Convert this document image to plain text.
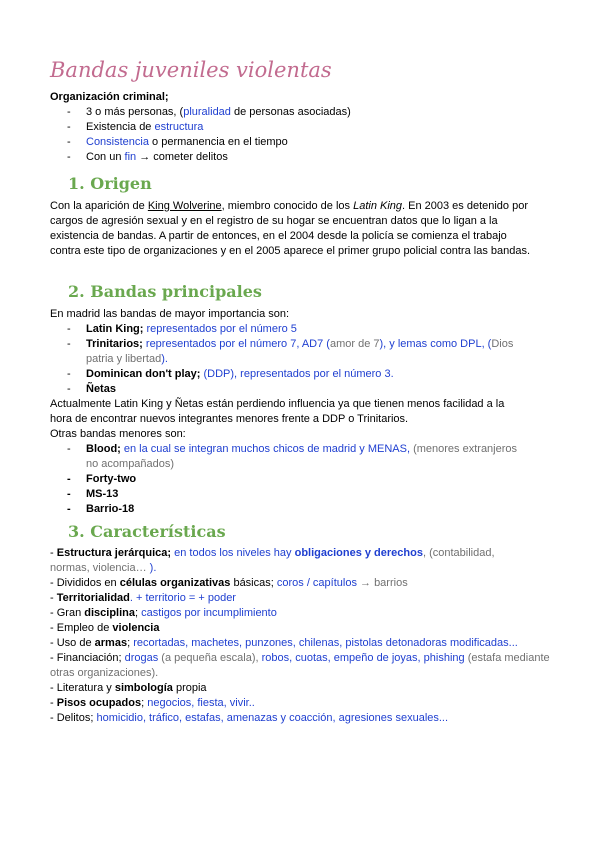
Bandas juveniles violentas
Organización criminal;
- 3 o más personas, (pluralidad de personas asociadas)
- Existencia de estructura
- Consistencia o permanencia en el tiempo
- Con un fin → cometer delitos
1. Origen
Con la aparición de King Wolverine, miembro conocido de los Latin King. En 2003 es detenido por cargos de agresión sexual y en el registro de su hogar se encuentran datos que lo ligan a la existencia de bandas. A partir de entonces, en el 2004 desde la policía se comienza el trabajo contra este tipo de organizaciones y en el 2005 aparece el primer grupo policial contra las bandas.
2. Bandas principales
En madrid las bandas de mayor importancia son:
- Latin King; representados por el número 5
- Trinitarios; representados por el número 7, AD7 (amor de 7), y lemas como DPL, (Dios patria y libertad).
- Dominican don't play; (DDP), representados por el número 3.
- Ñetas
Actualmente Latin King y Ñetas están perdiendo influencia ya que tienen menos facilidad a la hora de encontrar nuevos integrantes menores frente a DDP o Trinitarios.
Otras bandas menores son:
- Blood; en la cual se integran muchos chicos de madrid y MENAS, (menores extranjeros no acompañados)
- Forty-two
- MS-13
- Barrio-18
3. Características
- Estructura jerárquica; en todos los niveles hay obligaciones y derechos, (contabilidad, normas, violencia… ).
- Divididos en células organizativas básicas; coros / capítulos → barrios
- Territorialidad. + territorio = + poder
- Gran disciplina; castigos por incumplimiento
- Empleo de violencia
- Uso de armas; recortadas, machetes, punzones, chilenas, pistolas detonadoras modificadas...
- Financiación; drogas (a pequeña escala), robos, cuotas, empeño de joyas, phishing (estafa mediante otras organizaciones).
- Literatura y simbología propia
- Pisos ocupados; negocios, fiesta, vivir..
- Delitos; homicidio, tráfico, estafas, amenazas y coacción, agresiones sexuales...
